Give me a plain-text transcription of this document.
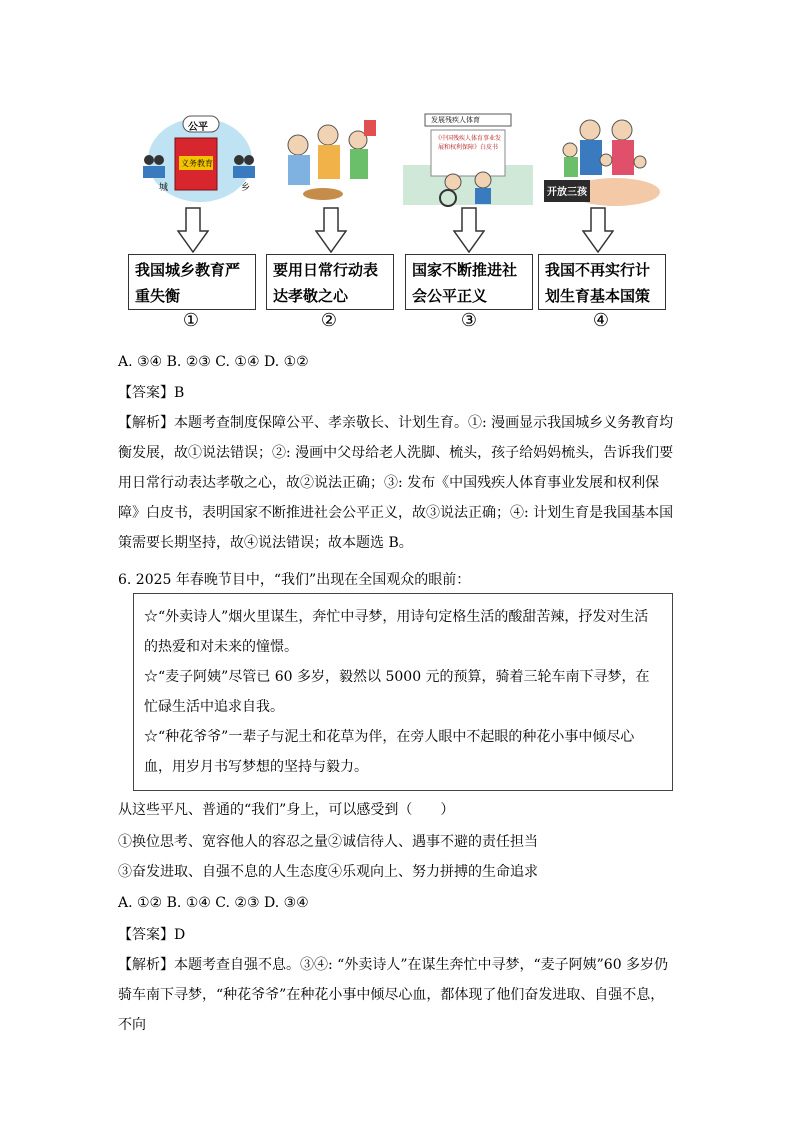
公平
义务教育
城	乡
发展残疾人体育
《中国残疾人体育事业发展和权利保障》白皮书
开放三孩
我国城乡教育严重失衡
要用日常行动表达孝敬之心
国家不断推进社会公平正义
我国不再实行计划生育基本国策
①	②	③	④
A. ③④ B. ②③ C. ①④ D. ①②
【答案】B
【解析】本题考查制度保障公平、孝亲敬长、计划生育。①: 漫画显示我国城乡义务教育均衡发展，故①说法错误；②: 漫画中父母给老人洗脚、梳头，孩子给妈妈梳头，告诉我们要用日常行动表达孝敬之心，故②说法正确；③: 发布《中国残疾人体育事业发展和权利保障》白皮书，表明国家不断推进社会公平正义，故③说法正确；④: 计划生育是我国基本国策需要长期坚持，故④说法错误；故本题选 B。
6. 2025 年春晚节目中，“我们”出现在全国观众的眼前：
☆“外卖诗人”烟火里谋生，奔忙中寻梦，用诗句定格生活的酸甜苦辣，抒发对生活的热爱和对未来的憧憬。
☆“麦子阿姨”尽管已 60 多岁，毅然以 5000 元的预算，骑着三轮车南下寻梦，在忙碌生活中追求自我。
☆“种花爷爷”一辈子与泥土和花草为伴，在旁人眼中不起眼的种花小事中倾尽心血，用岁月书写梦想的坚持与毅力。
从这些平凡、普通的“我们”身上，可以感受到（　　）
①换位思考、宽容他人的容忍之量②诚信待人、遇事不避的责任担当
③奋发进取、自强不息的人生态度④乐观向上、努力拼搏的生命追求
A. ①② B. ①④ C. ②③ D. ③④
【答案】D
【解析】本题考查自强不息。③④: “外卖诗人”在谋生奔忙中寻梦，“麦子阿姨”60 多岁仍骑车南下寻梦，“种花爷爷”在种花小事中倾尽心血，都体现了他们奋发进取、自强不息，不向
